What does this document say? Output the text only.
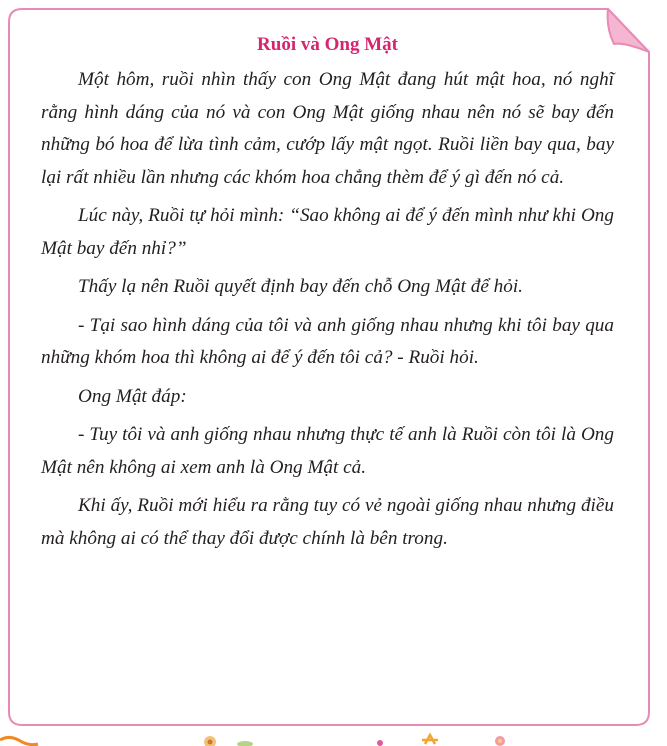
Ruồi và Ong Mật

Một hôm, ruồi nhìn thấy con Ong Mật đang hút mật hoa, nó nghĩ rằng hình dáng của nó và con Ong Mật giống nhau nên nó sẽ bay đến những bó hoa để lừa tình cảm, cướp lấy mật ngọt. Ruồi liền bay qua, bay lại rất nhiều lần nhưng các khóm hoa chẳng thèm để ý gì đến nó cả.

Lúc này, Ruồi tự hỏi mình: “Sao không ai để ý đến mình như khi Ong Mật bay đến nhỉ?”

Thấy lạ nên Ruồi quyết định bay đến chỗ Ong Mật để hỏi.

- Tại sao hình dáng của tôi và anh giống nhau nhưng khi tôi bay qua những khóm hoa thì không ai để ý đến tôi cả? - Ruồi hỏi.

Ong Mật đáp:

- Tuy tôi và anh giống nhau nhưng thực tế anh là Ruồi còn tôi là Ong Mật nên không ai xem anh là Ong Mật cả.

Khi ấy, Ruồi mới hiểu ra rằng tuy có vẻ ngoài giống nhau nhưng điều mà không ai có thể thay đổi được chính là bên trong.
